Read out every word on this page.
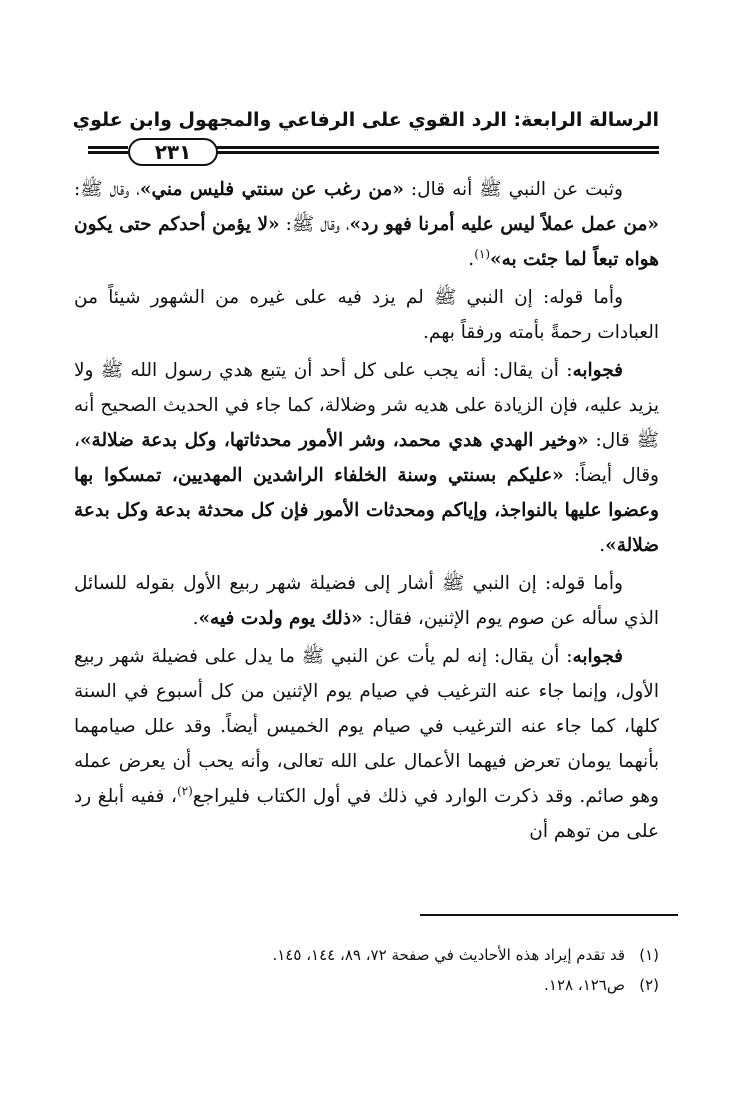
الرسالة الرابعة: الرد القوي على الرفاعي والمجهول وابن علوي
٢٣١

وثبت عن النبي ﷺ أنه قال: «من رغب عن سنتي فليس مني»، وقال ﷺ: «من عمل عملاً ليس عليه أمرنا فهو رد»، وقال ﷺ: «لا يؤمن أحدكم حتى يكون هواه تبعاً لما جئت به»$^{(١)}$.

وأما قوله: إن النبي ﷺ لم يزد فيه على غيره من الشهور شيئاً من العبادات رحمةً بأمته ورفقاً بهم.

فجوابه: أن يقال: أنه يجب على كل أحد أن يتبع هدي رسول الله ﷺ ولا يزيد عليه، فإن الزيادة على هديه شر وضلالة، كما جاء في الحديث الصحيح أنه ﷺ قال: «وخير الهدي هدي محمد، وشر الأمور محدثاتها، وكل بدعة ضلالة»، وقال أيضاً: «عليكم بسنتي وسنة الخلفاء الراشدين المهديين، تمسكوا بها وعضوا عليها بالنواجذ، وإياكم ومحدثات الأمور فإن كل محدثة بدعة وكل بدعة ضلالة».

وأما قوله: إن النبي ﷺ أشار إلى فضيلة شهر ربيع الأول بقوله للسائل الذي سأله عن صوم يوم الإثنين، فقال: «ذلك يوم ولدت فيه».

فجوابه: أن يقال: إنه لم يأت عن النبي ﷺ ما يدل على فضيلة شهر ربيع الأول، وإنما جاء عنه الترغيب في صيام يوم الإثنين من كل أسبوع في السنة كلها، كما جاء عنه الترغيب في صيام يوم الخميس أيضاً. وقد علل صيامهما بأنهما يومان تعرض فيهما الأعمال على الله تعالى، وأنه يحب أن يعرض عمله وهو صائم. وقد ذكرت الوارد في ذلك في أول الكتاب فليراجع$^{(٢)}$، ففيه أبلغ رد على من توهم أن

(١)قد تقدم إيراد هذه الأحاديث في صفحة ٧٢، ٨٩، ١٤٤، ١٤٥.
(٢)ص١٢٦، ١٢٨.
